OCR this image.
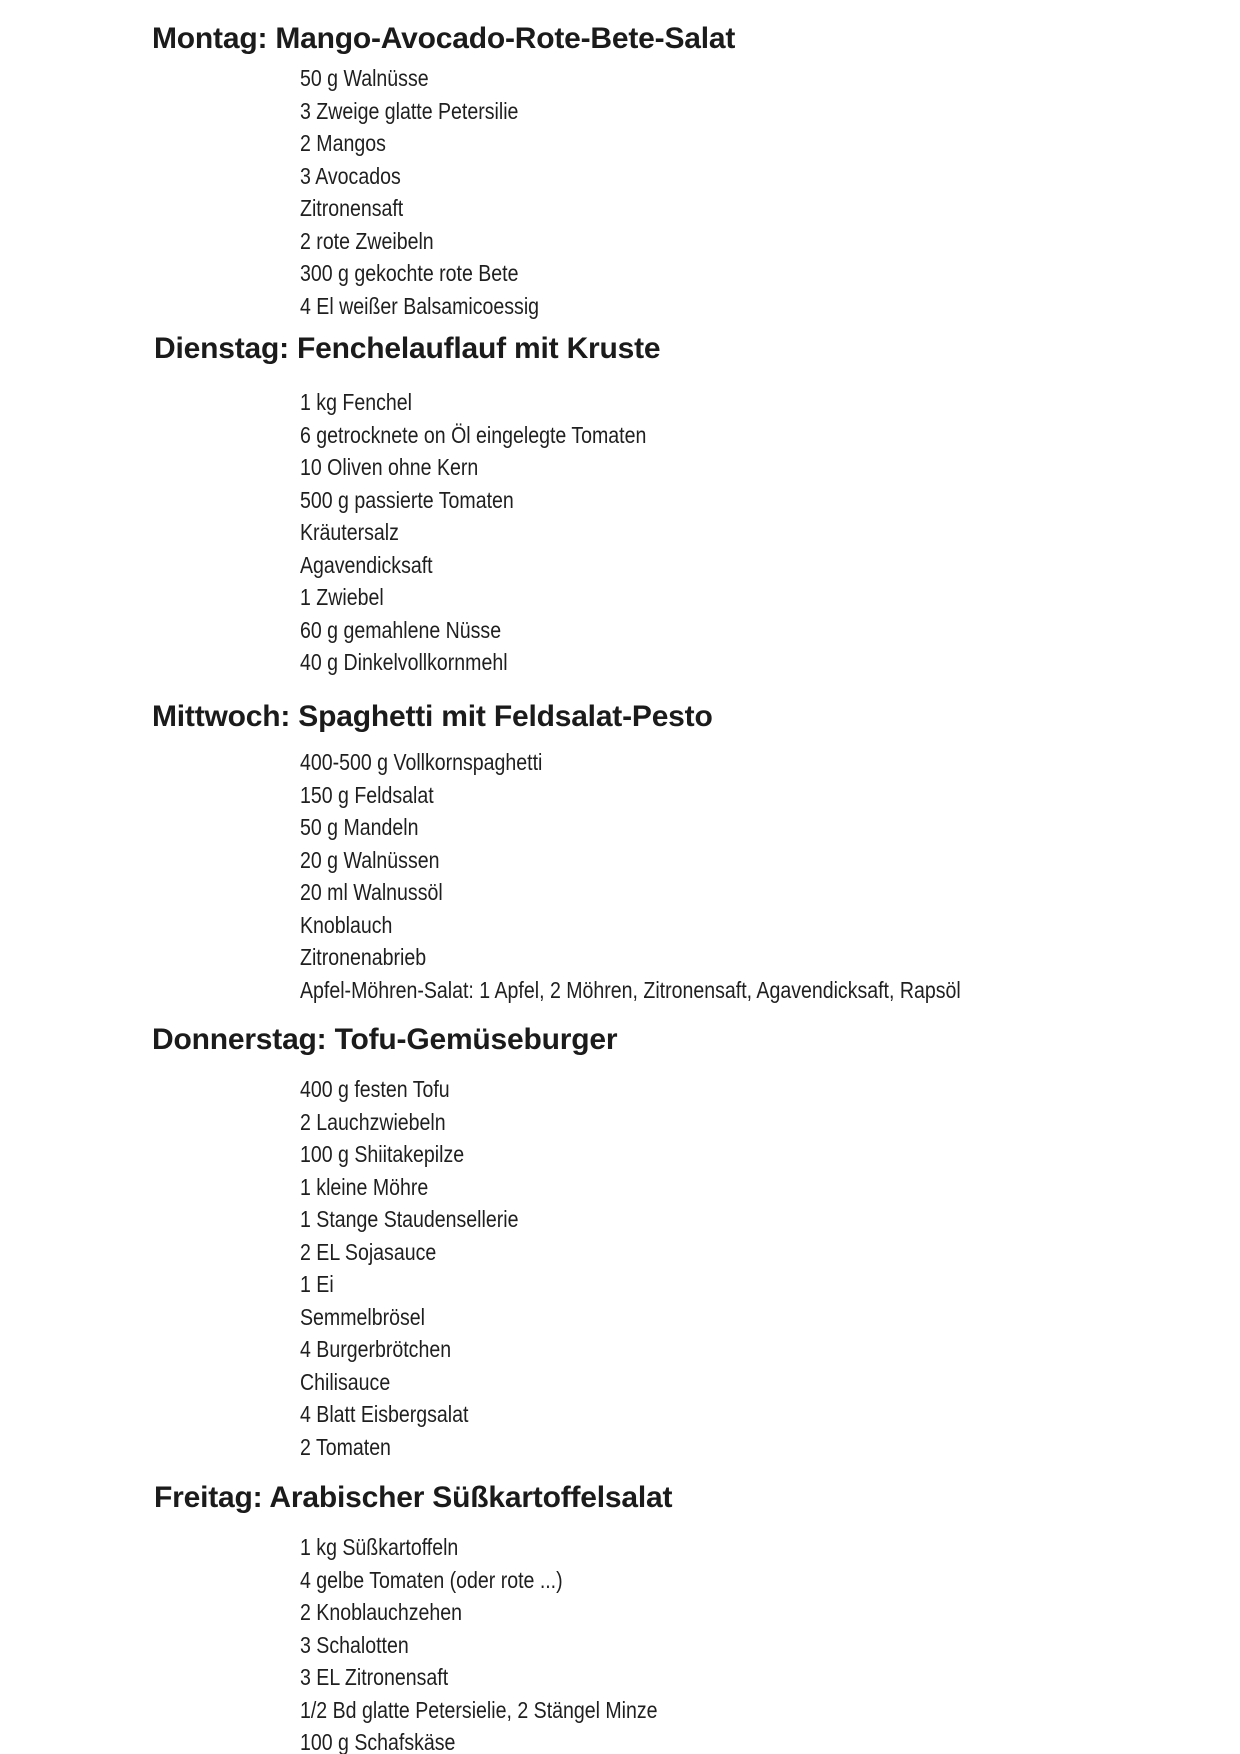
Montag: Mango-Avocado-Rote-Bete-Salat
50 g Walnüsse
3 Zweige glatte Petersilie
2 Mangos
3 Avocados
Zitronensaft
2 rote Zweibeln
300 g gekochte rote Bete
4 El weißer Balsamicoessig
Dienstag: Fenchelauflauf mit Kruste
1 kg Fenchel
6 getrocknete on Öl eingelegte Tomaten
10 Oliven ohne Kern
500 g passierte Tomaten
Kräutersalz
Agavendicksaft
1 Zwiebel
60 g gemahlene Nüsse
40 g Dinkelvollkornmehl
Mittwoch: Spaghetti mit Feldsalat-Pesto
400-500 g Vollkornspaghetti
150 g Feldsalat
50 g Mandeln
20 g Walnüssen
20 ml Walnussöl
Knoblauch
Zitronenabrieb
Apfel-Möhren-Salat: 1 Apfel, 2 Möhren, Zitronensaft, Agavendicksaft, Rapsöl
Donnerstag: Tofu-Gemüseburger
400 g festen Tofu
2 Lauchzwiebeln
100 g Shiitakepilze
1 kleine Möhre
1 Stange Staudensellerie
2 EL Sojasauce
1 Ei
Semmelbrösel
4 Burgerbrötchen
Chilisauce
4 Blatt Eisbergsalat
2 Tomaten
Freitag: Arabischer Süßkartoffelsalat
1 kg Süßkartoffeln
4 gelbe Tomaten (oder rote ...)
2 Knoblauchzehen
3 Schalotten
3 EL Zitronensaft
1/2 Bd glatte Petersielie, 2 Stängel Minze
100 g Schafskäse
